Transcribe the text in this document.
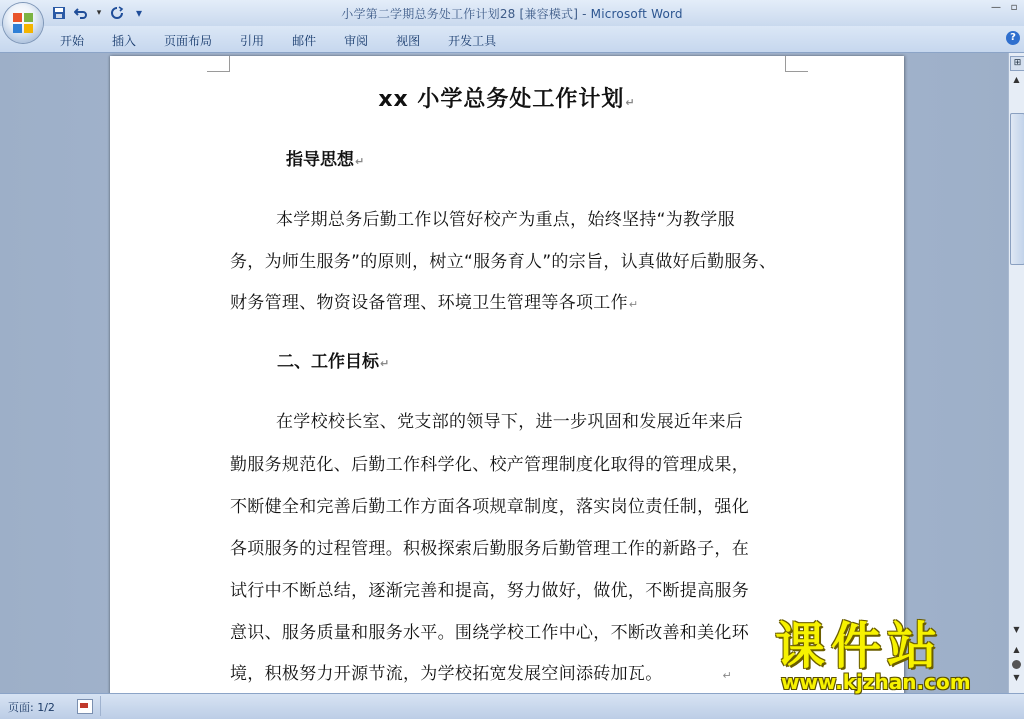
▾	▾	小学第二学期总务处工作计划28 [兼容模式] - Microsoft Word	— ▫
开始	插入	页面布局	引用	邮件	审阅	视图	开发工具	?
xx 小学总务处工作计划↵
指导思想↵
本学期总务后勤工作以管好校产为重点，始终坚持“为教学服
务，为师生服务”的原则，树立“服务育人”的宗旨，认真做好后勤服务、
财务管理、物资设备管理、环境卫生管理等各项工作↵
二、工作目标↵
在学校校长室、党支部的领导下，进一步巩固和发展近年来后
勤服务规范化、后勤工作科学化、校产管理制度化取得的管理成果，
不断健全和完善后勤工作方面各项规章制度，落实岗位责任制，强化
各项服务的过程管理。积极探索后勤服务后勤管理工作的新路子，在
试行中不断总结，逐渐完善和提高，努力做好，做优，不断提高服务
意识、服务质量和服务水平。围绕学校工作中心，不断改善和美化环
境，积极努力开源节流，为学校拓宽发展空间添砖加瓦。	↵
⊞
▲
▼
▲
▼
页面: 1/2
课件站
www.kjzhan.com
